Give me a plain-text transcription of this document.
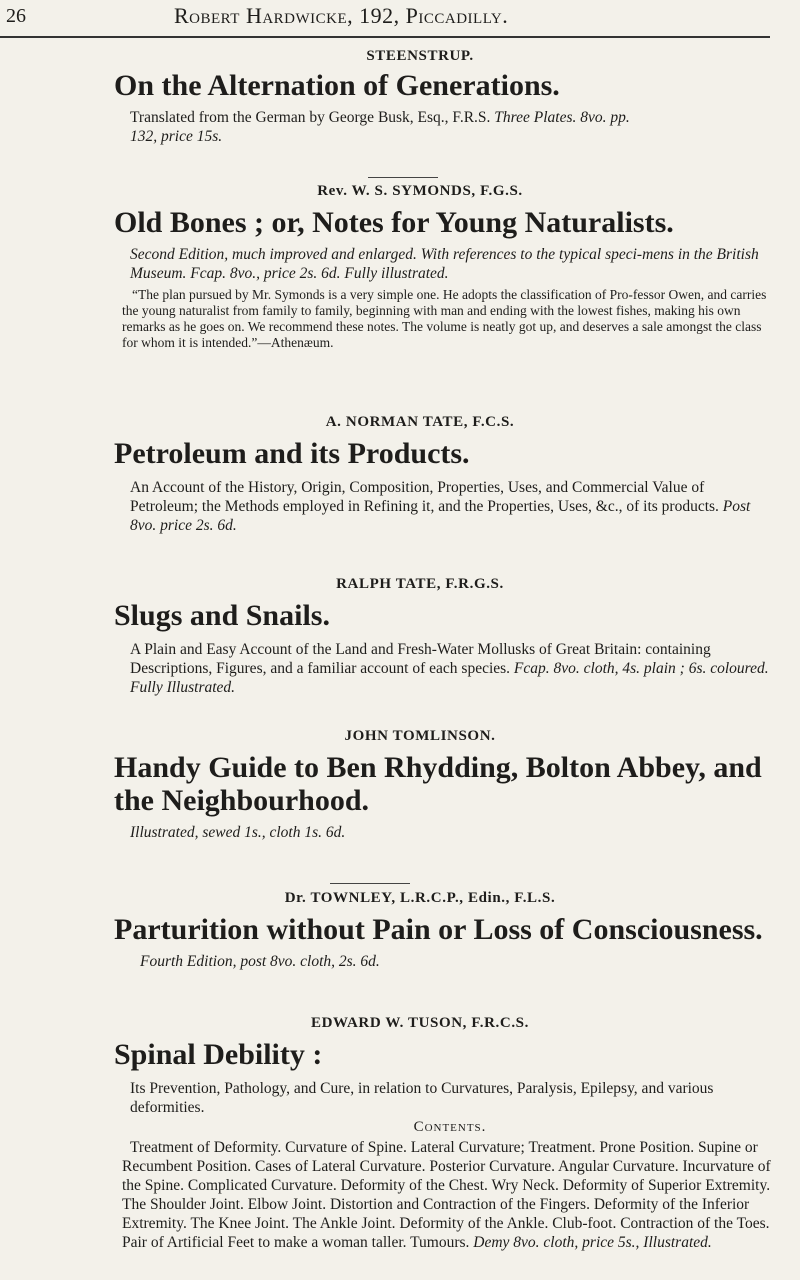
26	Robert Hardwicke, 192, Piccadilly.
STEENSTRUP.
On the Alternation of Generations.

Translated from the German by George Busk, Esq., F.R.S. Three Plates. 8vo. pp.
132, price 15s.

Rev. W. S. SYMONDS, F.G.S.
Old Bones ; or, Notes for Young Naturalists.

Second Edition, much improved and enlarged. With references to the typical speci-mens in the British Museum. Fcap. 8vo., price 2s. 6d. Fully illustrated.

“The plan pursued by Mr. Symonds is a very simple one. He adopts the classification of Pro-fessor Owen, and carries the young naturalist from family to family, beginning with man and ending with the lowest fishes, making his own remarks as he goes on. We recommend these notes. The volume is neatly got up, and deserves a sale amongst the class for whom it is intended.”—Athenæum.

A. NORMAN TATE, F.C.S.
Petroleum and its Products.

An Account of the History, Origin, Composition, Properties, Uses, and Commercial Value of Petroleum; the Methods employed in Refining it, and the Properties, Uses, &c., of its products. Post 8vo. price 2s. 6d.

RALPH TATE, F.R.G.S.
Slugs and Snails.

A Plain and Easy Account of the Land and Fresh-Water Mollusks of Great Britain: containing Descriptions, Figures, and a familiar account of each species. Fcap. 8vo. cloth, 4s. plain ; 6s. coloured. Fully Illustrated.

JOHN TOMLINSON.
Handy Guide to Ben Rhydding, Bolton Abbey, and the Neighbourhood.

Illustrated, sewed 1s., cloth 1s. 6d.

Dr. TOWNLEY, L.R.C.P., Edin., F.L.S.
Parturition without Pain or Loss of Consciousness.

Fourth Edition, post 8vo. cloth, 2s. 6d.

EDWARD W. TUSON, F.R.C.S.
Spinal Debility :

Its Prevention, Pathology, and Cure, in relation to Curvatures, Paralysis, Epilepsy, and various deformities.

Contents.

Treatment of Deformity. Curvature of Spine. Lateral Curvature; Treatment. Prone Position. Supine or Recumbent Position. Cases of Lateral Curvature. Posterior Curvature. Angular Curvature. Incurvature of the Spine. Complicated Curvature. Deformity of the Chest. Wry Neck. Deformity of Superior Extremity. The Shoulder Joint. Elbow Joint. Distortion and Contraction of the Fingers. Deformity of the Inferior Extremity. The Knee Joint. The Ankle Joint. Deformity of the Ankle. Club-foot. Contraction of the Toes. Pair of Artificial Feet to make a woman taller. Tumours. Demy 8vo. cloth, price 5s., Illustrated.
